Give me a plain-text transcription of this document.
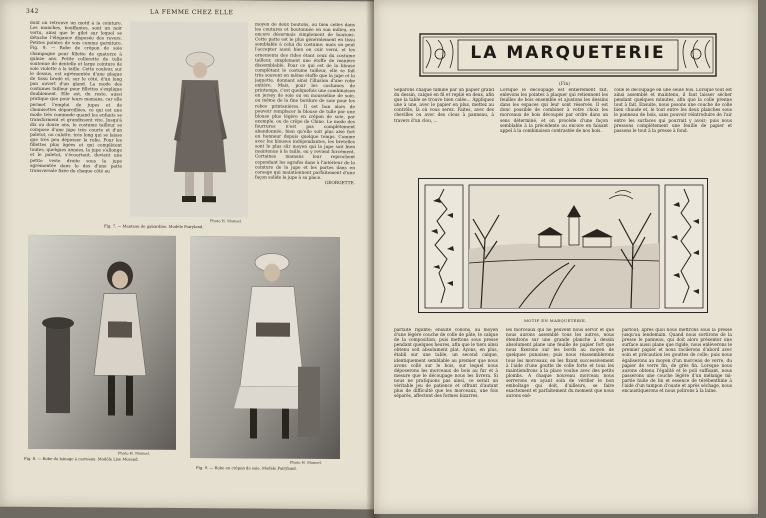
342	LA FEMME CHEZ ELLE

dont on retrouve un motif à la ceinture. Les manches, bouffantes, sont un noir vertu, ainsi que le gilet sur lequel se détache l'élégance disposée des revers. Petites pointes de sois comme garniture. Fig. 9. — Robe de crêpon de soie champagne pour fillette de quatorze à quinze ans. Petite collerette de tulle soutenue de dentelle et large ceinture de soie violette à la taille. Cette couleur, sur le dessus, est agrémentée d'une plaque de tissu brodé et, sur le côté, d'un long pan ouvert d'un gland. La mode des costumes tailleur pour fillettes s'explique doublement. Elle est, du reste, aussi pratique que pour leurs mamans, car elle permet l'emploi de jupes et de chemisettes dépareillées, ce qui est une mode très commode quand les enfants se transforment et grandissent vite. Jusqu'à dix ou douze ans, le costume tailleur se compose d'une jupe très courte et d'un paletot, ou culotte, très long qui se laisse que très peu dépasser la robe. Pour les fillettes plus âgées et qui complètent toutes, quelques années, la jupe s'allonge et le paletot, s'écourtant, devient une petite veste droite sous la jupe agrémentée dans le dos d'une patte transversale fixée de chaque côté au

Photo H. Manuel.
Fig. 7. — Manteau de gabardine. Modèle Fairyland.

moyen de deux boutons, ou bien celles dans les coutures et boutonnée en son milieu, en encore désormais simplement de boutons. Cette patte est le plus généralement en tissu semblable à celui du costume; mais on peut l'accepter aussi bien en cuir verni, et les ornements des rides étant ceux du costume tailleur, simplement une étoffe de manière dissemblable. Pour ce qui est de la blouse complétant le costume tailleur, elle se fait très souvent en même étoffe que la jupe et la jaquette, donnant ainsi l'illusion d'une robe entière. Mais, pour les costumes de printemps, c'est quelquefois une combinaison en jersey de soie ou en mousseline de soie, ou même de la fine bordure de soie pour les robes printanières. Il est bon alors de pouvoir remplacer la blouse de tulle par une blouse plus légère en crêpon de soie, par exemple, ou de crêpe de Chine. Le mode des fourrures n'est pas complètement abandonnée, bien qu'elle soit plus aisé fort en honneur depuis quelque temps. Comme avec les blouses indépendantes, les bretelles sont le plus sûr moyen qui la jupe soit bien maintenue à la taille, en y revient forcément. Certaines mamans leur reprochent cependant les agrafes dans à l'intérieur de la ceinture de la jupe et les portes dans en corsage qui maintiennent parfaitement d'une façon solide la jupe à sa place.

GEORGETTE.

Photo H. Manuel.
Fig. 8. — Robe de lainage à carreaux. Modèle Lise Morand.
Photo H. Manuel.
Fig. 9. — Robe en crêpon de soie. Modèle Fairyland.
LA MARQUETERIE
(Fin)

Séparons chaque famille par un papier grand du dessin, calqué en fil et replié en deux, afin que la table se trouve bien calée... Appliquez une à une, avec le papier en plus, mettez au contrôle, là où vous serez. Faites, avec des chevilles ou avec des clous à panneau, à travers d'un clou, ...

Lorsque le découpage est entièrement fait, enlevons les pointes à plaquer qui retiennent les feuilles de bois ensemble et ajustons les dessins dans les espaces qui leur sont réservés. Il est donc possible de combiner à votre choix les morceaux de bois découpés par ordre dans un sens déterminé, et on procède d'une façon semblable à la précédente ou encore en faisant appel à la combinaison contrastée de nos bois.

collé le découpage en une seule fois. Lorsque tout est ainsi assemblé et maintenu, il faut laisser sécher pendant quelques minutes, afin que la colle prenne tout à fait. Ensuite, nous posons une couche de colle bien chaude et, le tout entre les deux planches sous le panneau de bois, sans pouvoir réintroduire de l'air entre les surfaces qui pourrait y avoir; puis nous pressons complètement une feuille de papier et passons le tout à la presse à fond.

MOTIF EN MARQUETERIE.

parfaite rigidité; ensuite collons, au moyen d'une légère couche de colle de pâte, le calque de la composition, puis mettons sous presse pendant quelques heures, afin que le tiers ainsi obtenu soit absolument plat. Ayons, en plus, établi sur une table, un second calque, identiquement semblable au premier que nous avons collé sur le bois, sur lequel nous déposerons les morceaux de bois au fur et à mesure que le découpage nous les livrera. Si nous ne pratiquons pas ainsi, ce serait un véritable jeu de patience et offrant d'autant plus de difficulté que les morceaux, une fois séparés, affectent des formes bizarres.

les morceaux qui ne peuvent nous servir et que nous aurons assemblé tous les autres, nous étendrons sur une grande planche à dessin absolument plane une feuille de papier fort que nous fixerons sur les bords au moyen de quelques punaises; puis nous réassemblerons tous les morceaux, en les fixant successivement à l'aide d'une goutte de colle forte et tous les maintiendrons à la place voulue avec des petits plombs. A chaque nouveau morceau nous serrerons en ayant soin de vérifier le bon emboîtage qui doit, d'ailleurs, se faire exactement et parfaitement du moment que nous aurons exé-

partout; après quoi nous mettrons sous la presse jusqu'au lendemain. Quand nous sortirons de la presse le panneau, qui doit alors présenter une surface aussi plane que rigide, nous enlèverons le premier papier et nous racilerons d'abord avec soin et précaution les gouttes de colle; puis nous égaliserons au moyen d'un morceau de verre, du papier de verre fin, de grès fin. Lorsque nous aurons obtenu l'égalité et le poli suffisant, nous passerons une couche légère d'un mélange mi-partie huile de lin et essence de térébenthine à l'aide d'un tampon d'ouate et après séchage, nous encaustiquerons et nous polirons à la laine.
